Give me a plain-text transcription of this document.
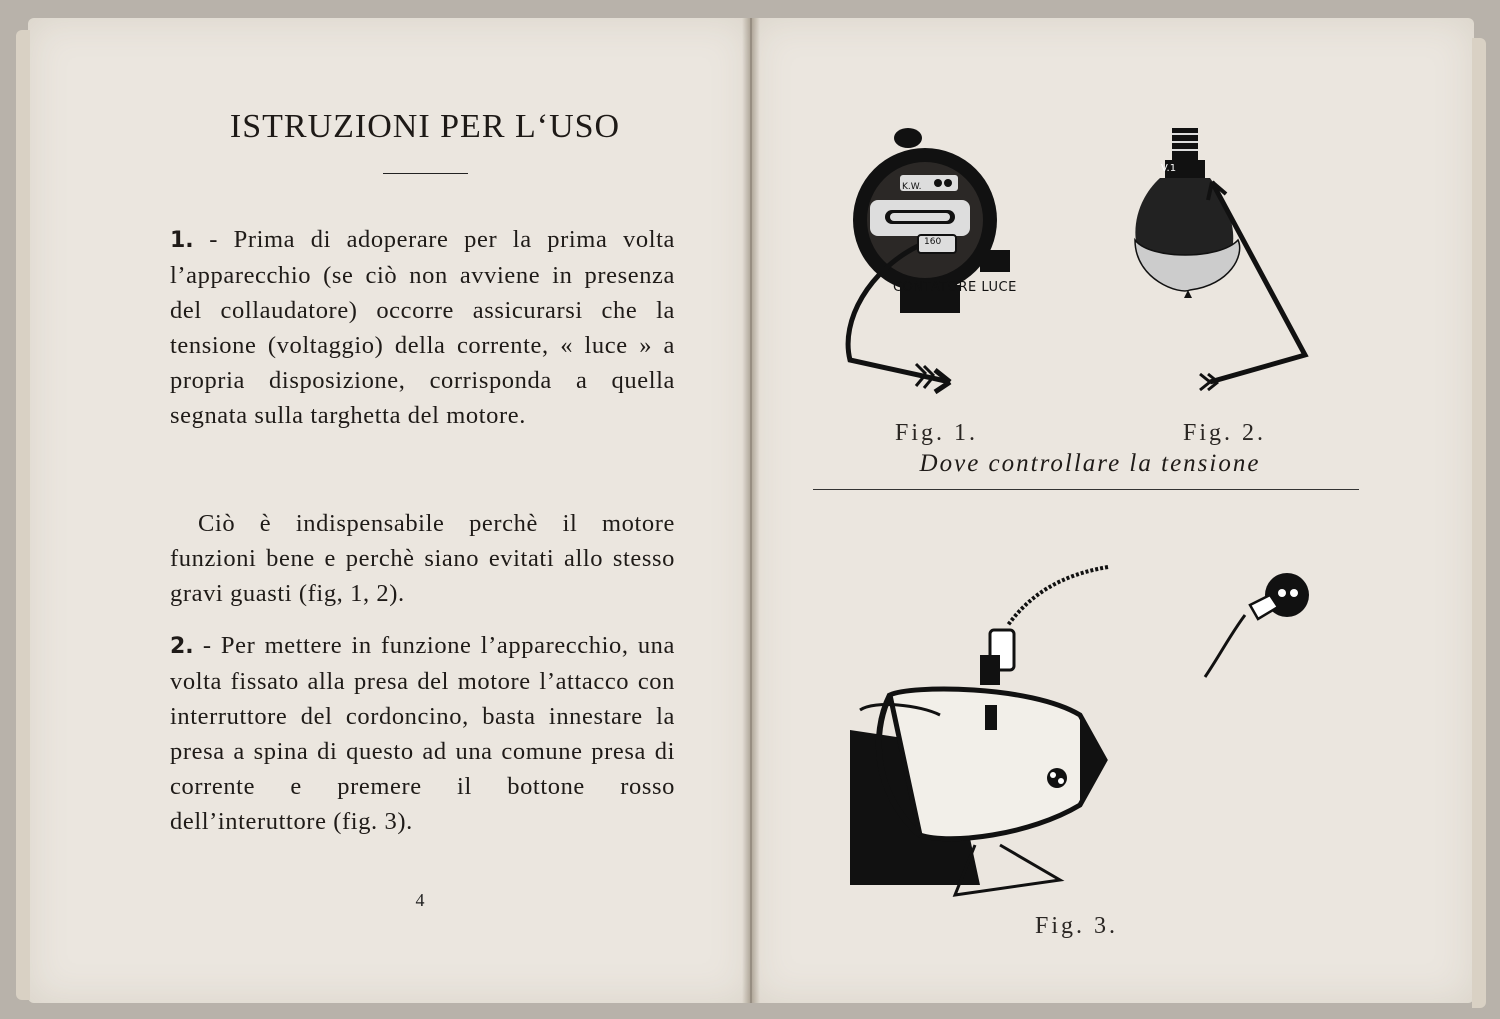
ISTRUZIONI PER L‘USO

1. - Prima di adoperare per la prima volta l’apparecchio (se ciò non avviene in presenza del collaudatore) occorre assicurarsi che la tensione (voltaggio) della corrente, « luce » a propria disposizione, corrisponda a quella segnata sulla targhetta del motore.

Ciò è indispensabile perchè il motore funzioni bene e perchè siano evitati allo stesso gravi guasti (fig, 1, 2).

2. - Per mettere in funzione l’apparecchio, una volta fissato alla presa del motore l’attacco con interruttore del cordoncino, basta innestare la presa a spina di questo ad una comune presa di corrente e premere il bottone rosso dell’interuttore (fig. 3).

4
CONTATORE LUCE
K.W.
160
V.1
Fig. 1.	Fig. 2.
Dove controllare la tensione
Fig. 3.
